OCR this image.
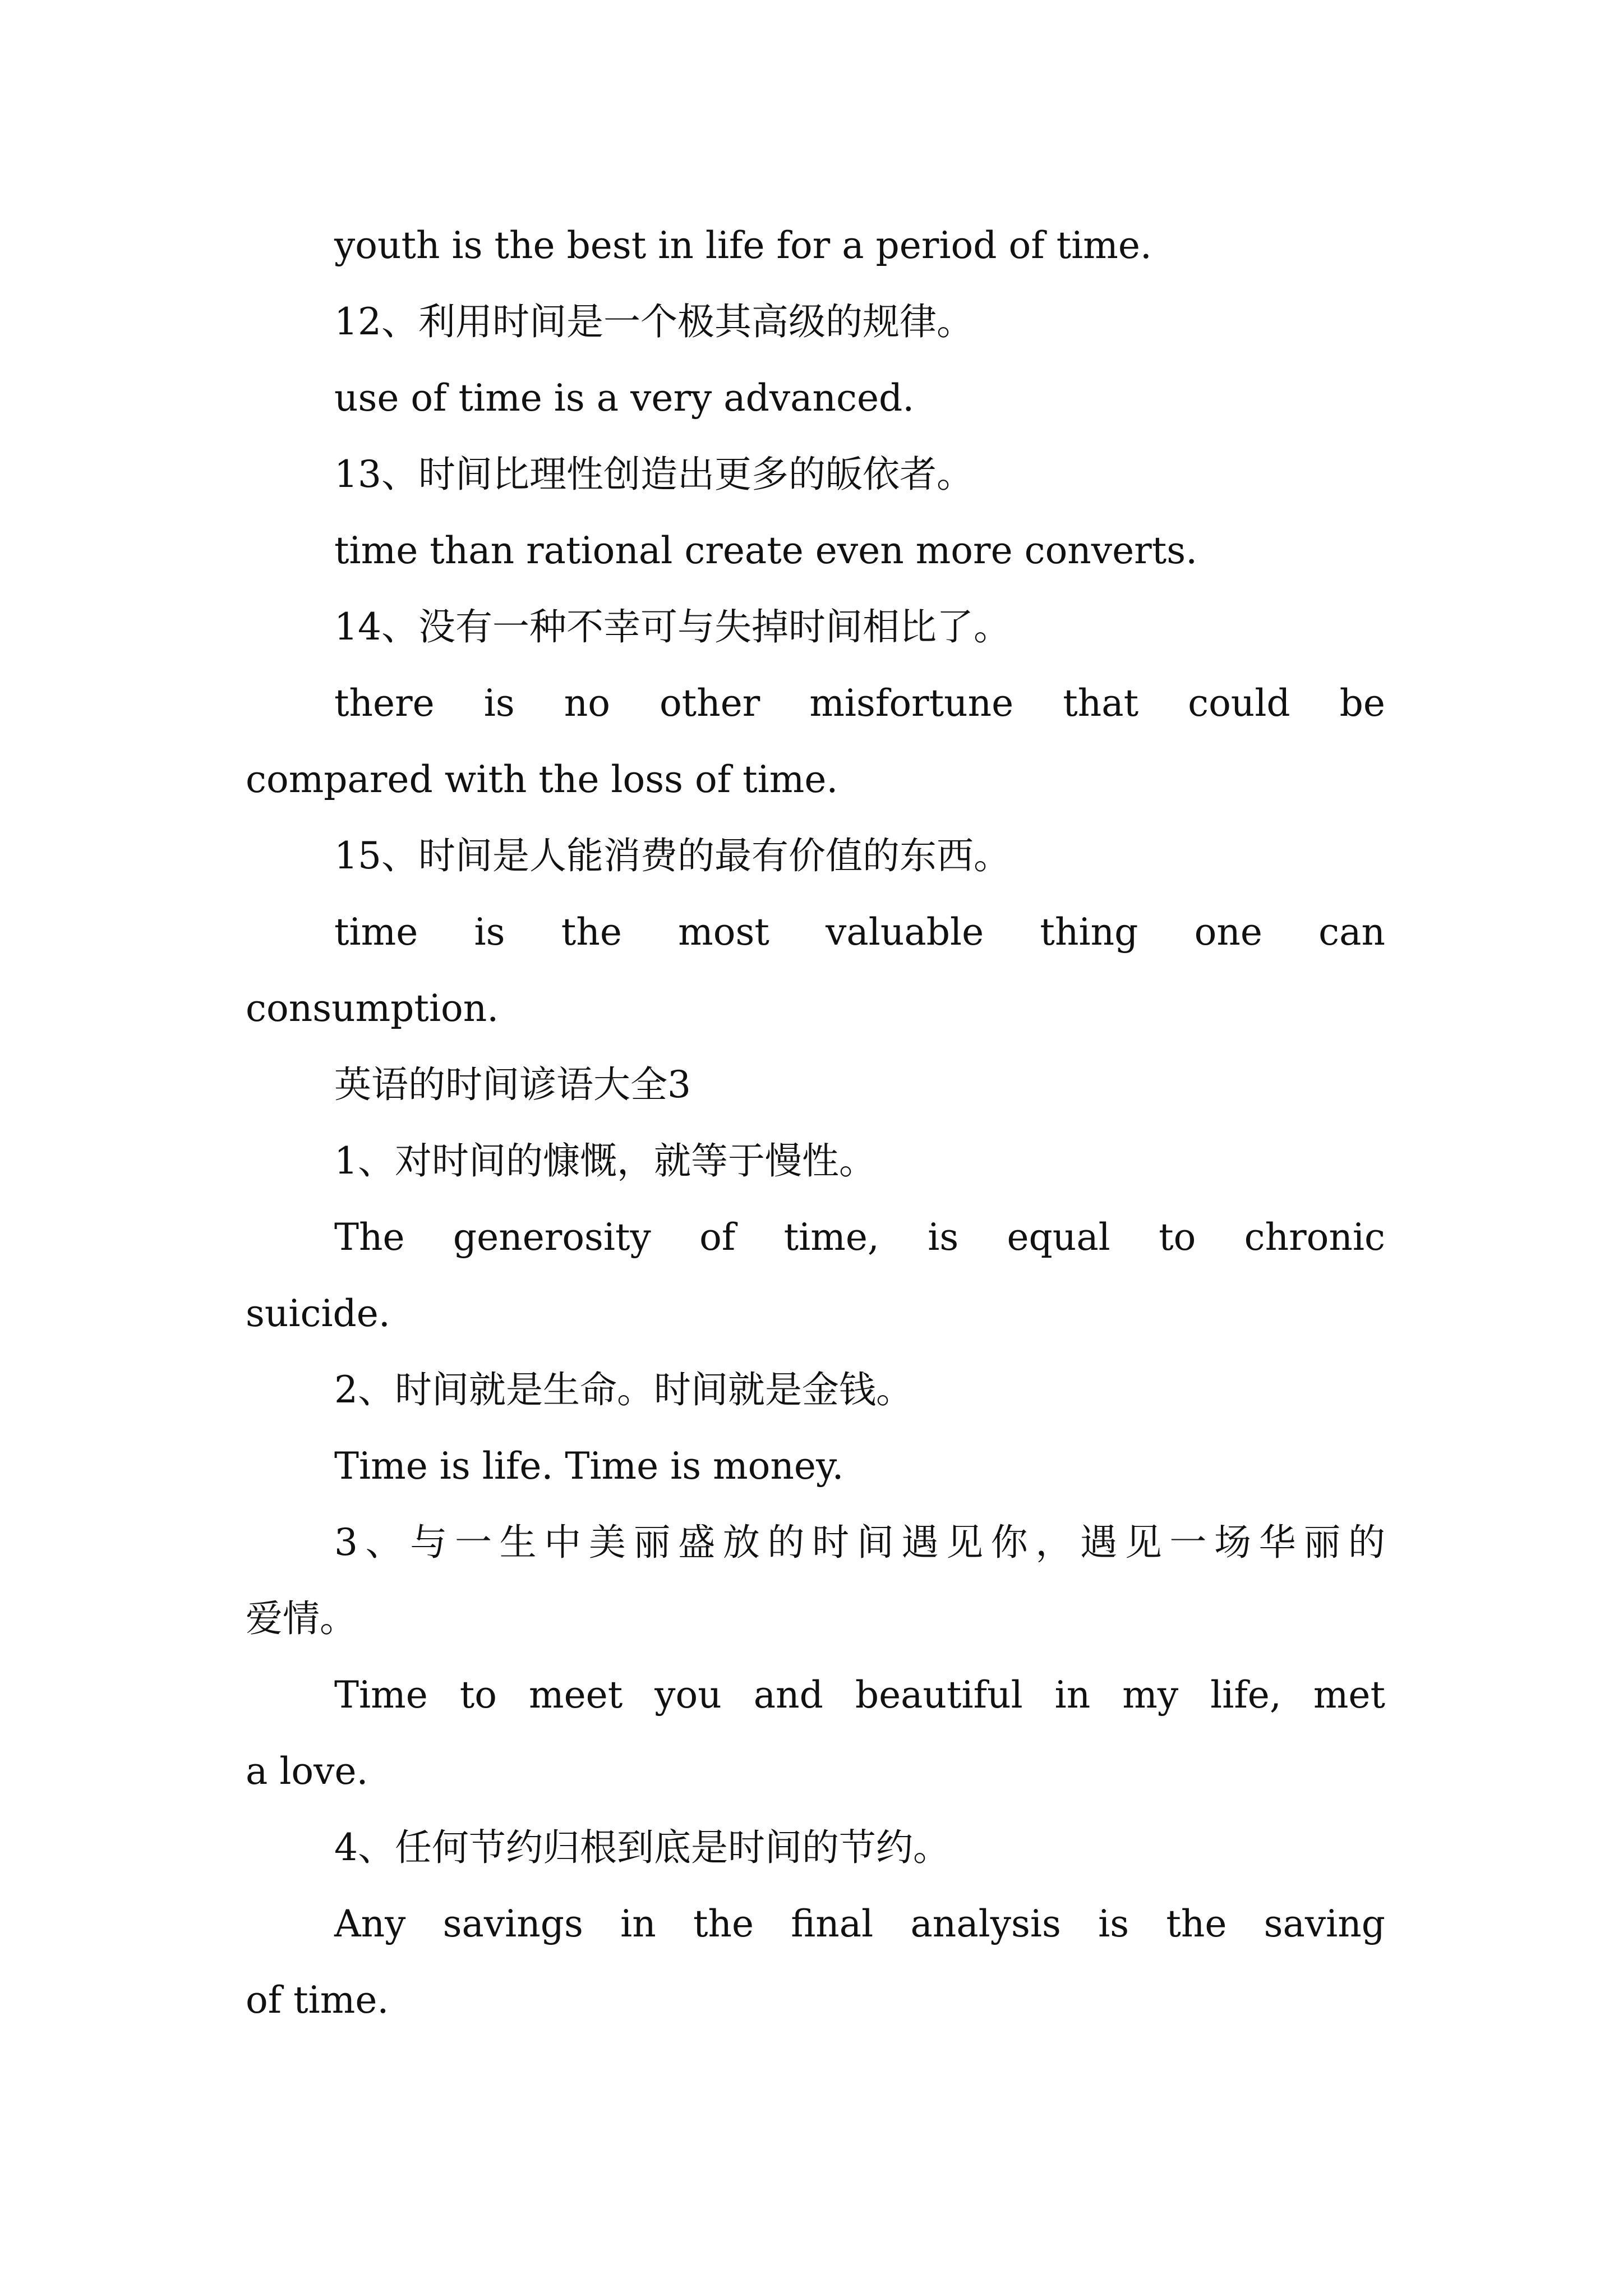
youth is the best in life for a period of time.
12、利用时间是一个极其高级的规律。
use of time is a very advanced.
13、时间比理性创造出更多的皈依者。
time than rational create even more converts.
14、没有一种不幸可与失掉时间相比了。
there is no other misfortune that could be
compared with the loss of time.
15、时间是人能消费的最有价值的东西。
time is the most valuable thing one can
consumption.
英语的时间谚语大全3
1、对时间的慷慨，就等于慢性。
The generosity of time, is equal to chronic
suicide.
2、时间就是生命。时间就是金钱。
Time is life. Time is money.
3、与一生中美丽盛放的时间遇见你，遇见一场华丽的
爱情。
Time to meet you and beautiful in my life, met
a love.
4、任何节约归根到底是时间的节约。
Any savings in the final analysis is the saving
of time.
